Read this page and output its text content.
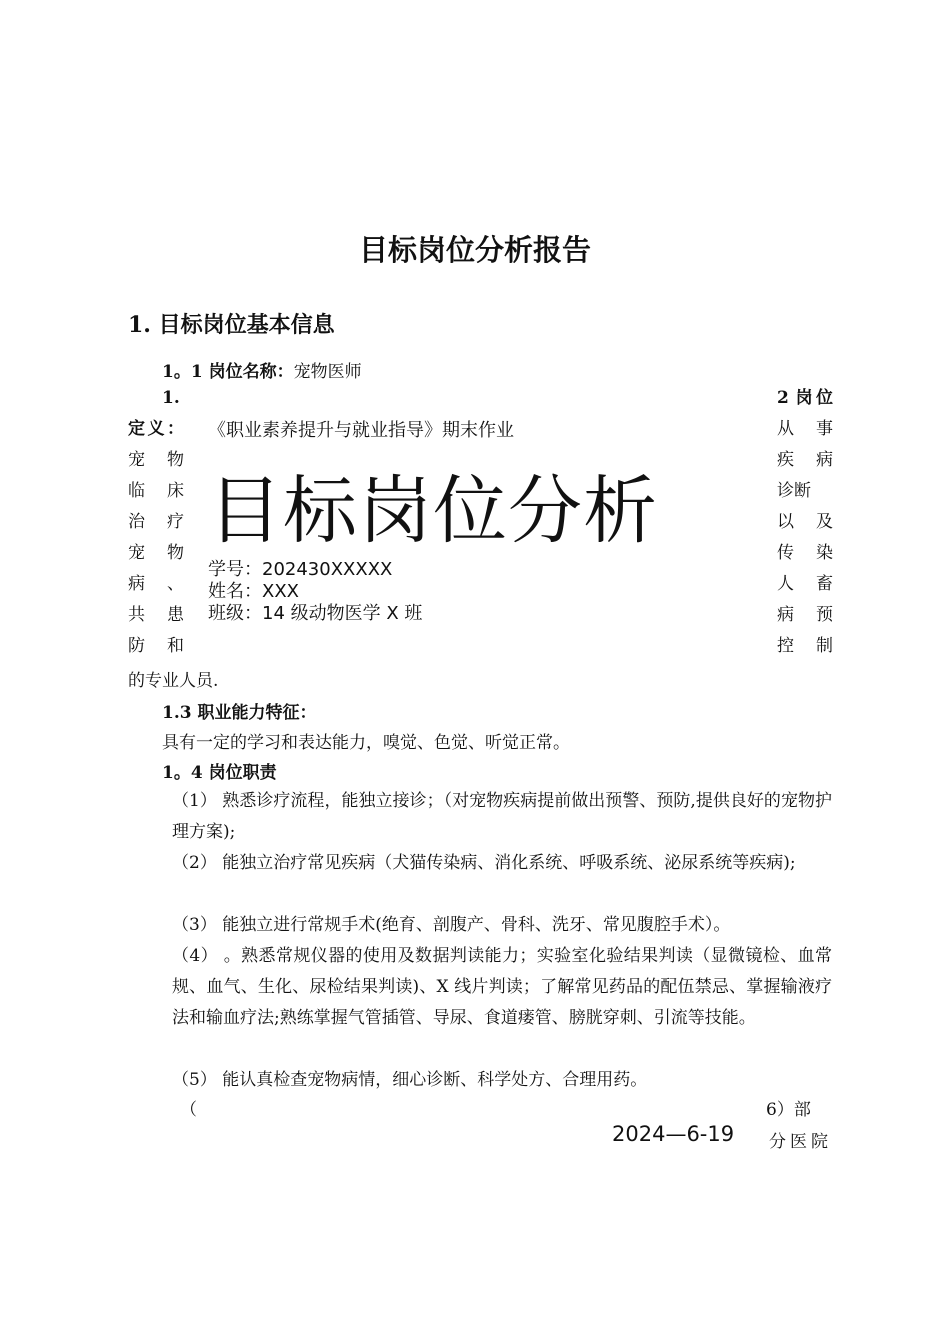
目标岗位分析报告
1. 目标岗位基本信息
1。1 岗位名称：宠物医师
1.
定 义 ：
宠 物
临 床
治 疗
宠 物
病 、
共 患
防 和
2 岗 位
从 事
疾 病
诊断
以 及
传 染
人 畜
病 预
控 制
《职业素养提升与就业指导》期末作业
目标岗位分析
学号：202430XXXXX
姓名：XXX
班级：14 级动物医学 X 班
的专业人员.
1.3 职业能力特征：
具有一定的学习和表达能力，嗅觉、色觉、听觉正常。
1。4 岗位职责
（1） 熟悉诊疗流程，能独立接诊；（对宠物疾病提前做出预警、预防,提供良好的宠物护理方案);
（2） 能独立治疗常见疾病（犬猫传染病、消化系统、呼吸系统、泌尿系统等疾病);
（3） 能独立进行常规手术(绝育、剖腹产、骨科、洗牙、常见腹腔手术）。
（4） 。熟悉常规仪器的使用及数据判读能力；实验室化验结果判读（显微镜检、血常规、血气、生化、尿检结果判读)、X 线片判读；了解常见药品的配伍禁忌、掌握输液疗法和输血疗法;熟练掌握气管插管、导尿、食道瘘管、膀胱穿刺、引流等技能。
（5） 能认真检查宠物病情，细心诊断、科学处方、合理用药。
（	6）部
分医院
2024—6-19
